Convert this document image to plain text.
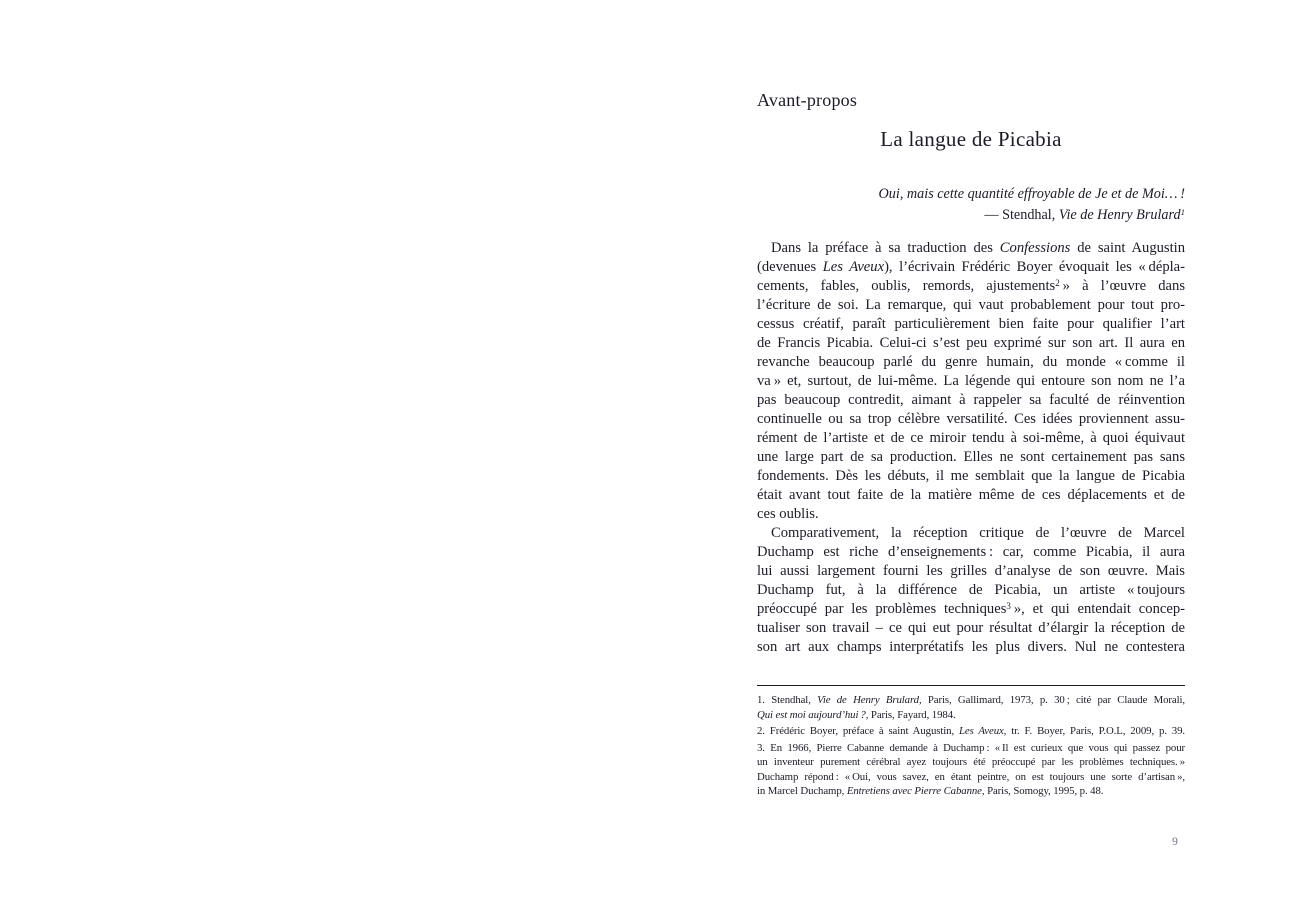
Avant-propos
La langue de Picabia
Oui, mais cette quantité effroyable de Je et de Moi… !
— Stendhal, Vie de Henry Brulard$^1$
Dans la préface à sa traduction des Confessions de saint Augustin
(devenues Les Aveux), l’écrivain Frédéric Boyer évoquait les « dépla-
cements, fables, oublis, remords, ajustements$^2$ » à l’œuvre dans
l’écriture de soi. La remarque, qui vaut probablement pour tout pro-
cessus créatif, paraît particulièrement bien faite pour qualifier l’art
de Francis Picabia. Celui-ci s’est peu exprimé sur son art. Il aura en
revanche beaucoup parlé du genre humain, du monde « comme il
va » et, surtout, de lui-même. La légende qui entoure son nom ne l’a
pas beaucoup contredit, aimant à rappeler sa faculté de réinvention
continuelle ou sa trop célèbre versatilité. Ces idées proviennent assu-
rément de l’artiste et de ce miroir tendu à soi-même, à quoi équivaut
une large part de sa production. Elles ne sont certainement pas sans
fondements. Dès les débuts, il me semblait que la langue de Picabia
était avant tout faite de la matière même de ces déplacements et de
ces oublis.
Comparativement, la réception critique de l’œuvre de Marcel
Duchamp est riche d’enseignements : car, comme Picabia, il aura
lui aussi largement fourni les grilles d’analyse de son œuvre. Mais
Duchamp fut, à la différence de Picabia, un artiste « toujours
préoccupé par les problèmes techniques$^3$ », et qui entendait concep-
tualiser son travail – ce qui eut pour résultat d’élargir la réception de
son art aux champs interprétatifs les plus divers. Nul ne contestera
1. Stendhal, Vie de Henry Brulard, Paris, Gallimard, 1973, p. 30 ; cité par Claude Morali,
Qui est moi aujourd’hui ?, Paris, Fayard, 1984.
2. Frédéric Boyer, préface à saint Augustin, Les Aveux, tr. F. Boyer, Paris, P.O.L, 2009, p. 39.
3. En 1966, Pierre Cabanne demande à Duchamp : « Il est curieux que vous qui passez pour
un inventeur purement cérébral ayez toujours été préoccupé par les problèmes techniques. »
Duchamp répond : « Oui, vous savez, en étant peintre, on est toujours une sorte d’artisan »,
in Marcel Duchamp, Entretiens avec Pierre Cabanne, Paris, Somogy, 1995, p. 48.
9
